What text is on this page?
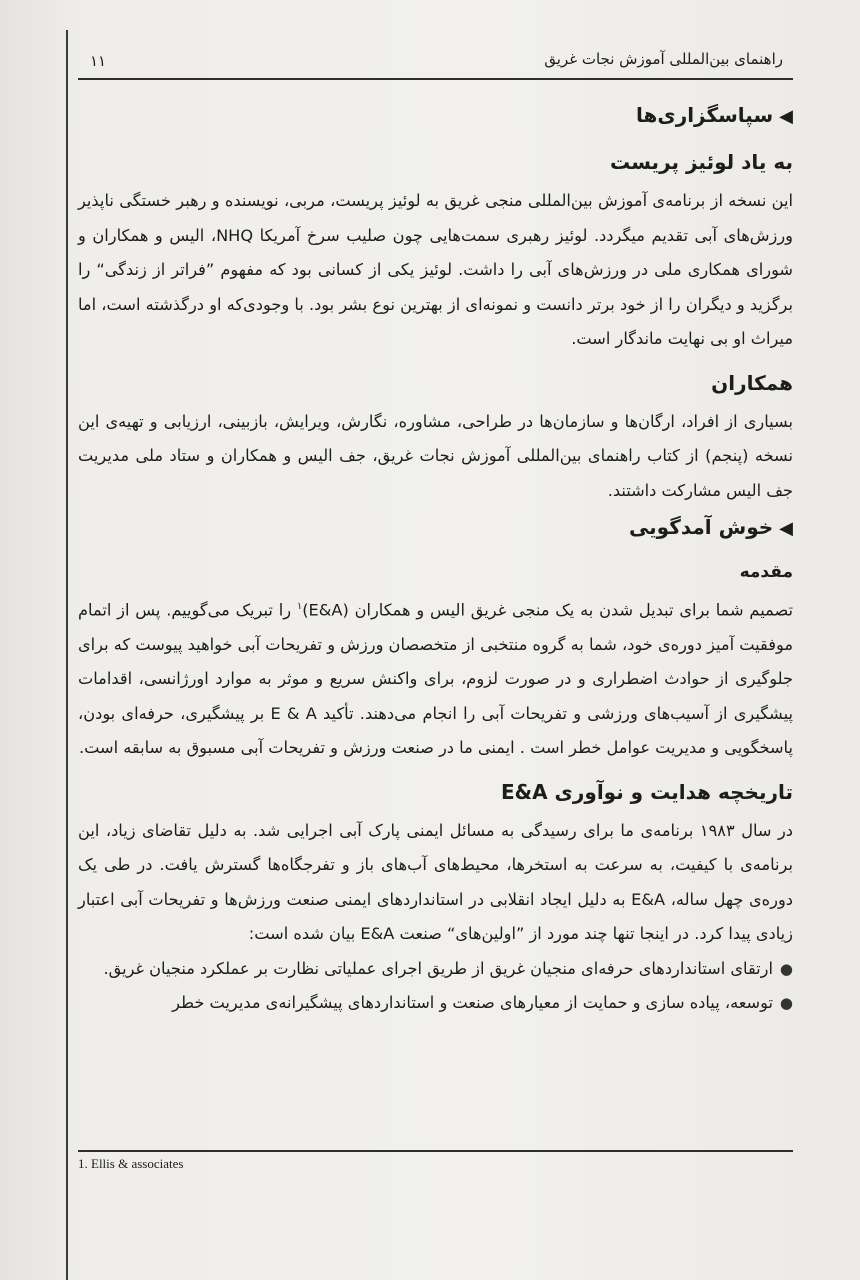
١١	راهنمای بین‌المللی آموزش نجات غریق
◀سپاسگزاری‌ها
به یاد لوئیز پریست

این نسخه از برنامه‌ی آموزش بین‌المللی منجی غریق به لوئیز پریست، مربی، نویسنده و رهبر خستگی ناپذیر ورزش‌های آبی تقدیم میگردد. لوئیز رهبری سمت‌هایی چون صلیب سرخ آمریکا NHQ، الیس و همکاران و شورای همکاری ملی در ورزش‌های آبی را داشت. لوئیز یکی از کسانی بود که مفهوم ”فراتر از زندگی“ را برگزید و دیگران را از خود برتر دانست و نمونه‌ای از بهترین نوع بشر بود. با وجودی‌که او درگذشته است، اما میراث او بی نهایت ماندگار است.

همکاران

بسیاری از افراد، ارگان‌ها و سازمان‌ها در طراحی، مشاوره، نگارش، ویرایش، بازبینی، ارزیابی و تهیه‌ی این نسخه (پنجم) از کتاب راهنمای بین‌المللی آموزش نجات غریق، جف الیس و همکاران و ستاد ملی مدیریت جف الیس مشارکت داشتند.

◀خوش آمدگویی
مقدمه

تصمیم شما برای تبدیل شدن به یک منجی غریق الیس و همکاران (E&A)$^١$ را تبریک می‌گوییم. پس از اتمام موفقیت آمیز دوره‌ی خود، شما به گروه منتخبی از متخصصان ورزش و تفریحات آبی خواهید پیوست که برای جلوگیری از حوادث اضطراری و در صورت لزوم، برای واکنش سریع و موثر به موارد اورژانسی، اقدامات پیشگیری از آسیب‌های ورزشی و تفریحات آبی را انجام می‌دهند. تأکید E & A بر پیشگیری، حرفه‌ای بودن، پاسخگویی و مدیریت عوامل خطر است . ایمنی ما در صنعت ورزش و تفریحات آبی مسبوق به سابقه است.

تاریخچه هدایت و نوآوری E&A

در سال ١٩٨٣ برنامه‌ی ما برای رسیدگی به مسائل ایمنی پارک آبی اجرایی شد. به دلیل تقاضای زیاد، این برنامه‌ی با کیفیت، به سرعت به استخرها، محیط‌های آب‌های باز و تفرجگاه‌ها گسترش یافت. در طی یک دوره‌ی چهل ساله، E&A به دلیل ایجاد انقلابی در استانداردهای ایمنی صنعت ورزش‌ها و تفریحات آبی اعتبار زیادی پیدا کرد. در اینجا تنها چند مورد از ”اولین‌های“ صنعت E&A بیان شده است:

●
ارتقای استانداردهای حرفه‌ای منجیان غریق از طریق اجرای عملیاتی نظارت بر عملکرد منجیان غریق.
●
توسعه، پیاده سازی و حمایت از معیارهای صنعت و استانداردهای پیشگیرانه‌ی مدیریت خطر
1. Ellis & associates
